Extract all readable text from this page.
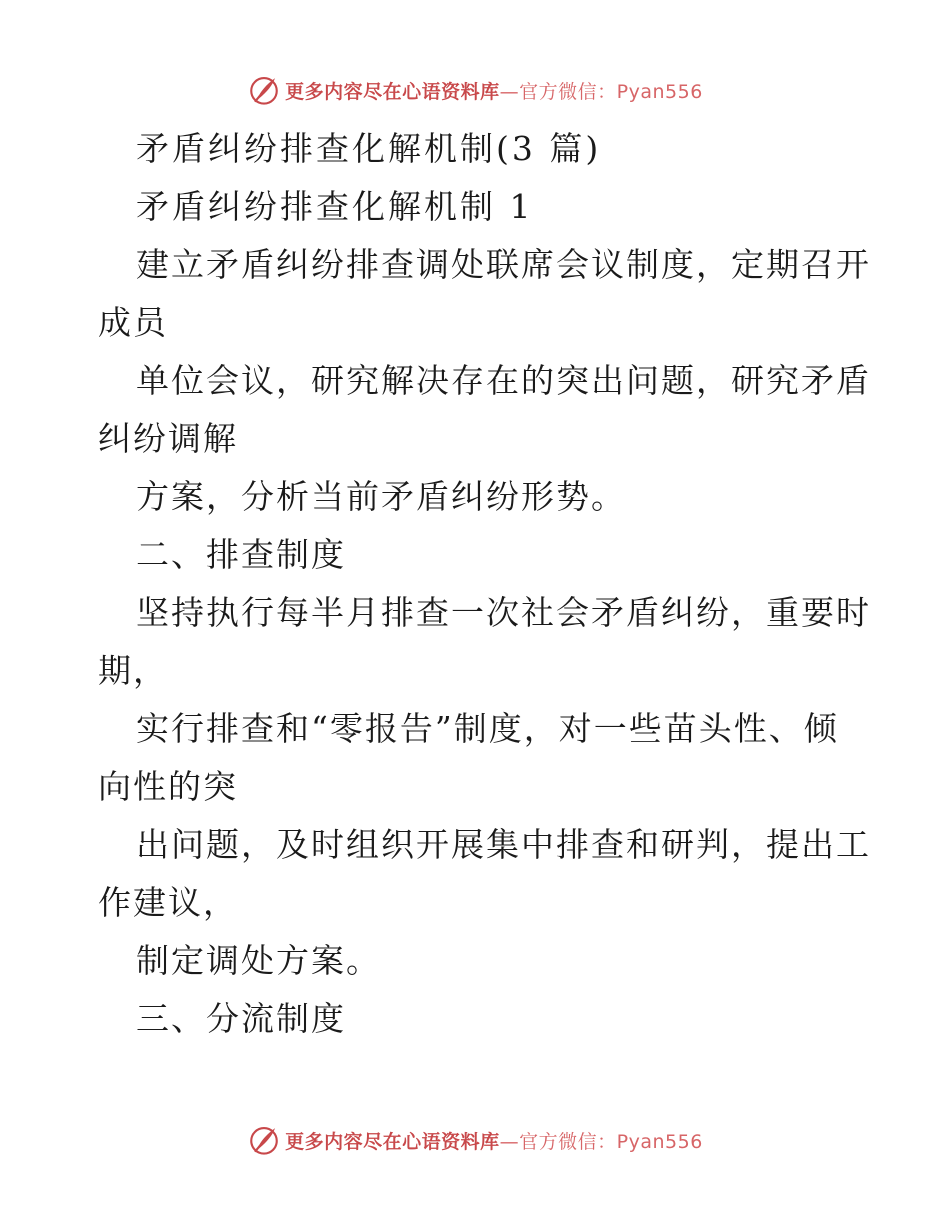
更多内容尽在心语资料库—官方微信：Pyan556
矛盾纠纷排查化解机制(3 篇)
矛盾纠纷排查化解机制 1
建立矛盾纠纷排查调处联席会议制度，定期召开
成员
单位会议，研究解决存在的突出问题，研究矛盾
纠纷调解
方案，分析当前矛盾纠纷形势。
二、排查制度
坚持执行每半月排查一次社会矛盾纠纷，重要时
期，
实行排查和“零报告”制度，对一些苗头性、倾
向性的突
出问题，及时组织开展集中排查和研判，提出工
作建议，
制定调处方案。
三、分流制度
更多内容尽在心语资料库—官方微信：Pyan556
